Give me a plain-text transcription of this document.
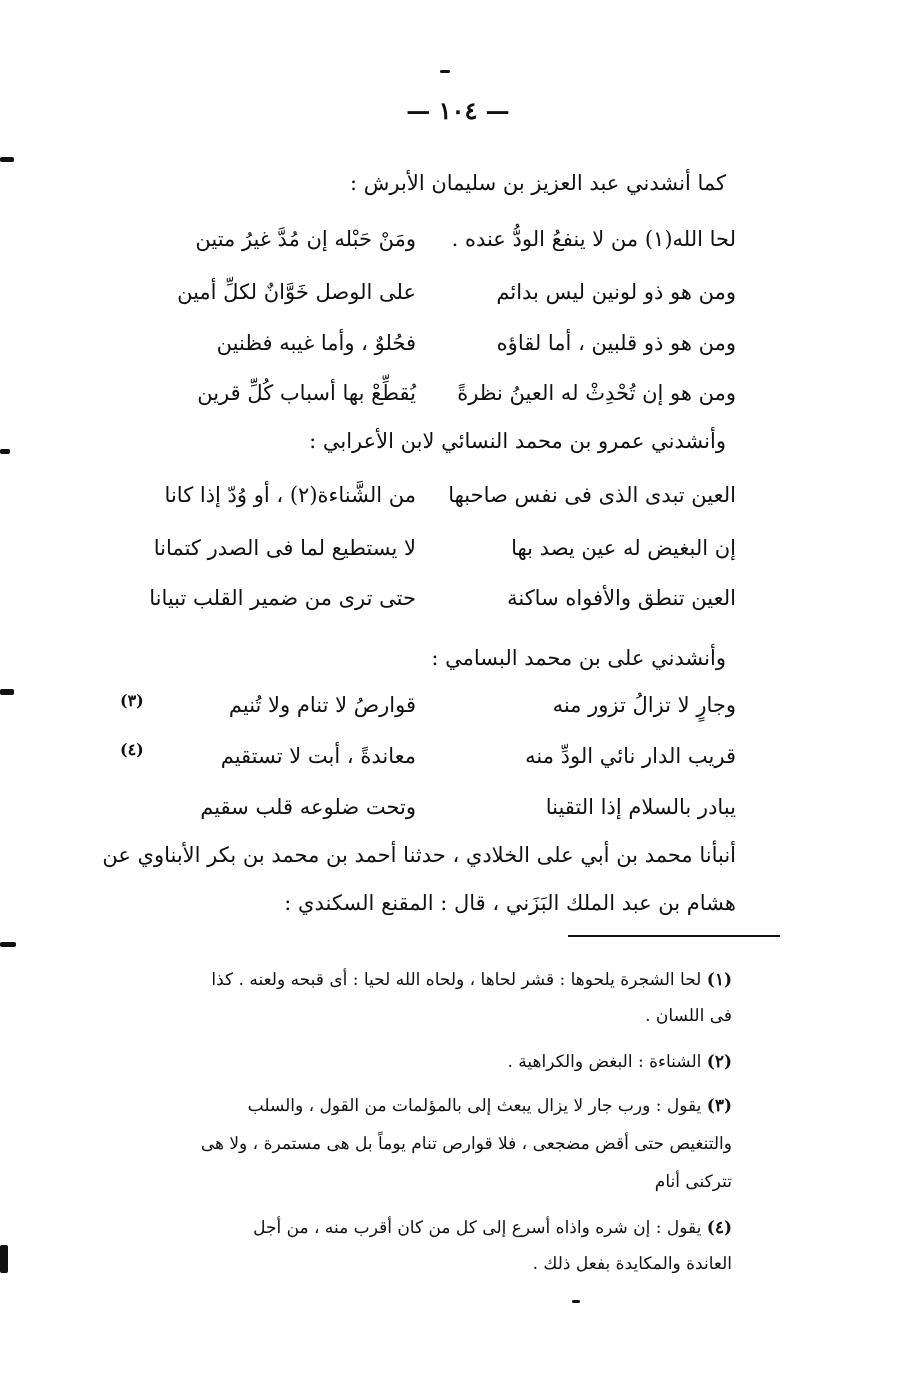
— ١٠٤ —
كما أنشدني عبد العزيز بن سليمان الأبرش :
لحا الله(١) من لا ينفعُ الودُّ عنده .
ومَنْ حَبْله إن مُدَّ غيرُ متين
ومن هو ذو لونين ليس بدائم
على الوصل خَوَّانٌ لكلِّ أمين
ومن هو ذو قلبين ، أما لقاؤه
فحُلوٌ ، وأما غيبه فظنين
ومن هو إن تُحْدِثْ له العينُ نظرةً
يُقطِّعْ بها أسباب كُلِّ قرين
وأنشدني عمرو بن محمد النسائي لابن الأعرابي :
العين تبدى الذى فى نفس صاحبها
من الشَّناءة(٢) ، أو وُدّ إذا كانا
إن البغيض له عين يصد بها
لا يستطيع لما فى الصدر كتمانا
العين تنطق والأفواه ساكنة
حتى ترى من ضمير القلب تبيانا
وأنشدني على بن محمد البسامي :
وجارٍ لا تزالُ تزور منه
قوارصُ لا تنام ولا تُنيم
(٣)
قريب الدار نائي الودِّ منه
معاندةً ، أبت لا تستقيم
(٤)
يبادر بالسلام إذا التقينا
وتحت ضلوعه قلب سقيم
أنبأنا محمد بن أبي على الخلادي ، حدثنا أحمد بن محمد بن بكر الأبناوي عن
هشام بن عبد الملك البَزَني ، قال : المقنع السكندي :
(١) لحا الشجرة يلحوها : قشر لحاها ، ولحاه الله لحيا : أى قبحه ولعنه . كذا
فى اللسان .
(٢) الشناءة : البغض والكراهية .
(٣) يقول : ورب جار لا يزال يبعث إلى بالمؤلمات من القول ، والسلب
والتنغيص حتى أقض مضجعى ، فلا قوارص تنام يوماً بل هى مستمرة ، ولا هى
تتركنى أنام
(٤) يقول : إن شره واذاه أسرع إلى كل من كان أقرب منه ، من أجل
العاندة والمكايدة بفعل ذلك .
